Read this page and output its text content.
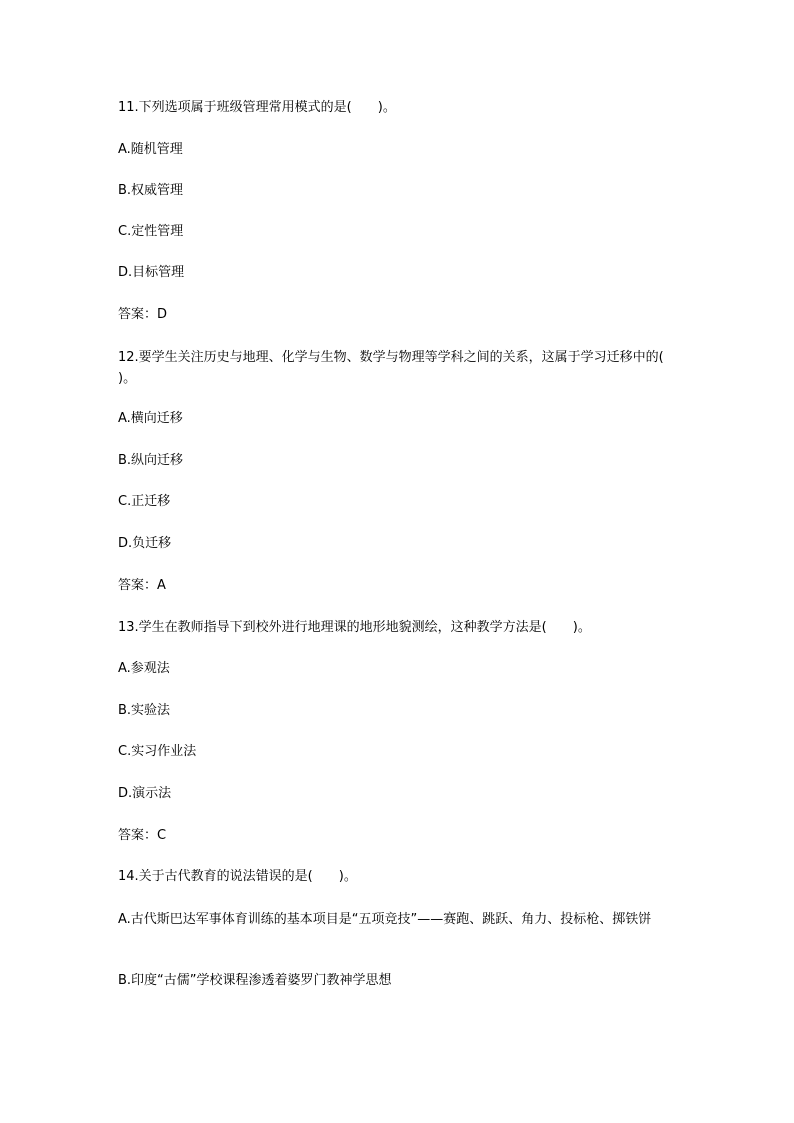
11.下列选项属于班级管理常用模式的是(　　)。
A.随机管理
B.权威管理
C.定性管理
D.目标管理
答案：D
12.要学生关注历史与地理、化学与生物、数学与物理等学科之间的关系，这属于学习迁移中的(　　)。
A.横向迁移
B.纵向迁移
C.正迁移
D.负迁移
答案：A
13.学生在教师指导下到校外进行地理课的地形地貌测绘，这种教学方法是(　　)。
A.参观法
B.实验法
C.实习作业法
D.演示法
答案：C
14.关于古代教育的说法错误的是(　　)。
A.古代斯巴达军事体育训练的基本项目是“五项竞技”——赛跑、跳跃、角力、投标枪、掷铁饼
B.印度“古儒”学校课程渗透着婆罗门教神学思想
